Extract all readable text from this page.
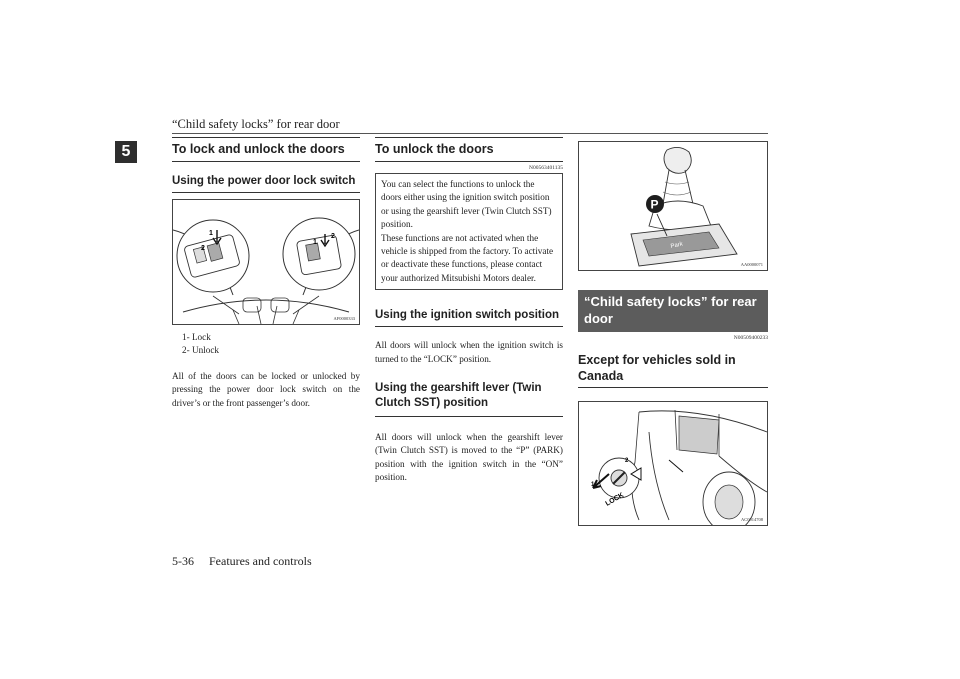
“Child safety locks” for rear door
5	To lock and unlock the doors
Using the power door lock switch
1
2
1
2
AF0000333
1- Lock
2- Unlock

All of the doors can be locked or unlocked by pressing the power door lock switch on the driver’s or the front passenger’s door.

To unlock the doors
N00563401135
You can select the functions to unlock the doors either using the ignition switch position or using the gearshift lever (Twin Clutch SST) position.
These functions are not activated when the vehicle is shipped from the factory. To activate or deactivate these functions, please contact your authorized Mitsubishi Motors dealer.
Using the ignition switch position

All doors will unlock when the ignition switch is turned to the “LOCK” position.

Using the gearshift lever (Twin Clutch SST) position

All doors will unlock when the gearshift lever (Twin Clutch SST) is moved to the “P” (PARK) position with the ignition switch in the “ON” position.

Park
P
AA0000071
“Child safety locks” for rear door
N00509400233
Except for vehicles sold in Canada
1
2
LOCK
AC0014708
5-36 Features and controls
